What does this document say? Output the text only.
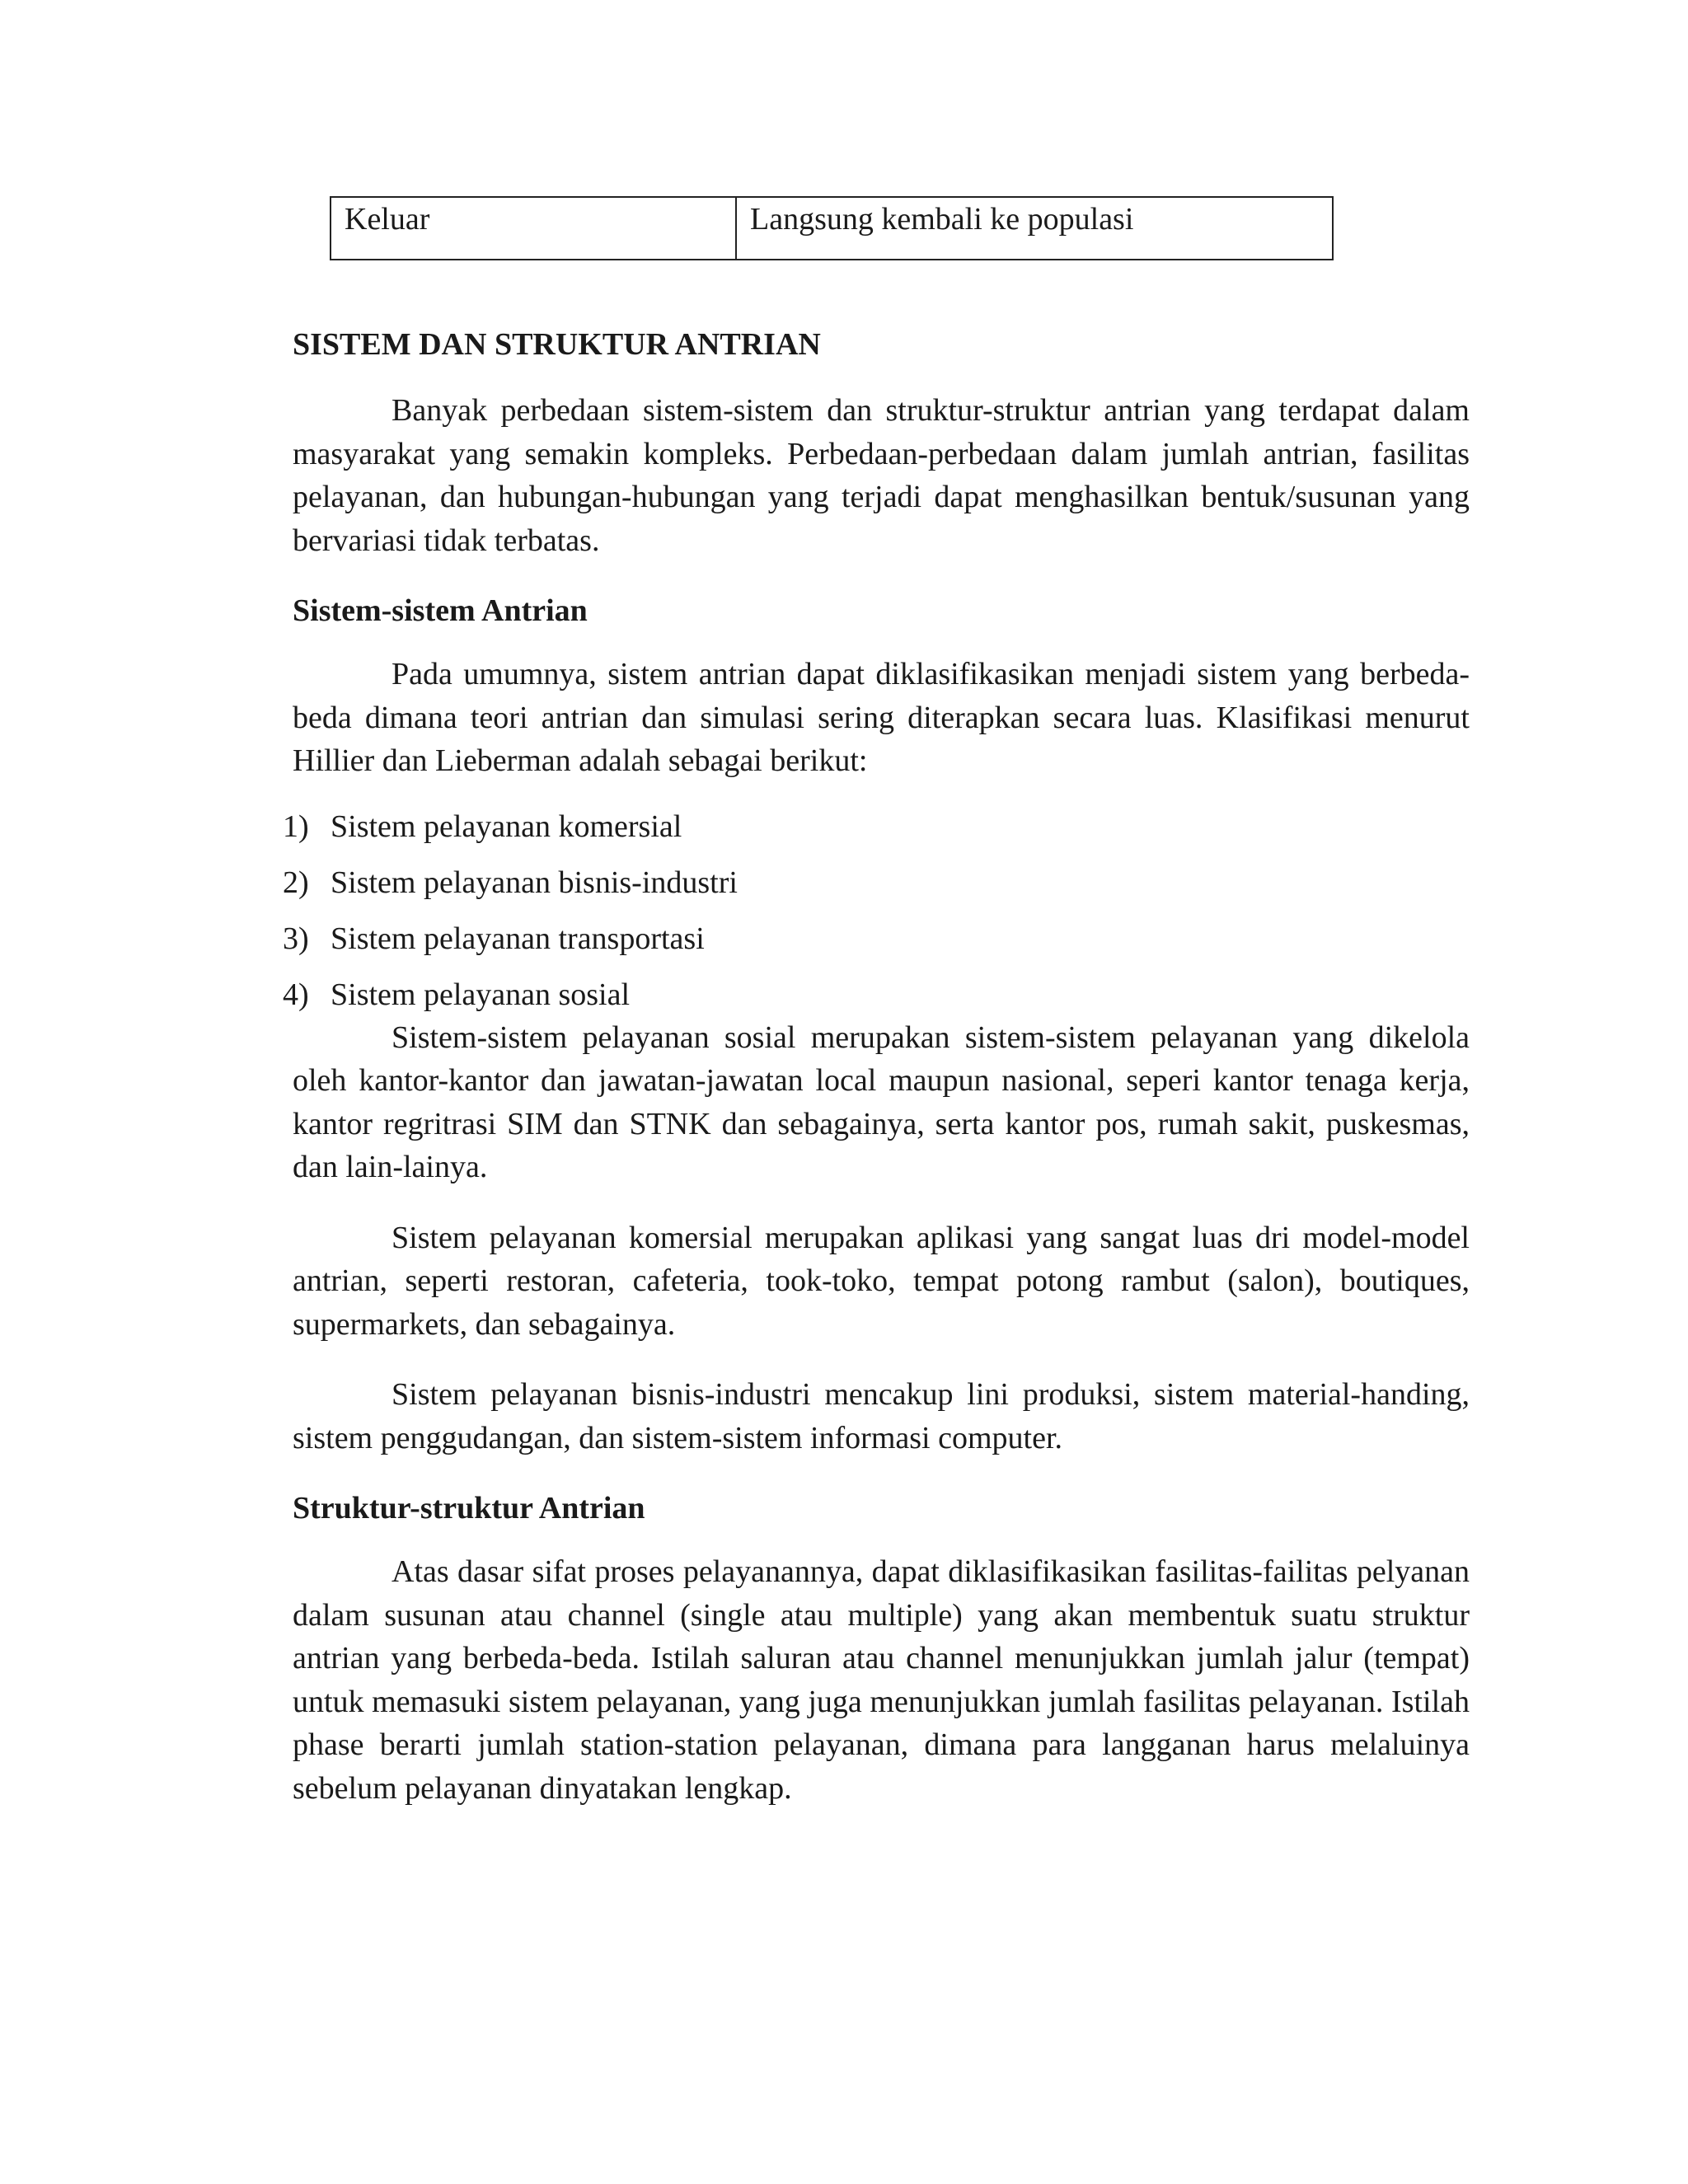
Keluar	Langsung kembali ke populasi
SISTEM DAN STRUKTUR ANTRIAN

Banyak perbedaan sistem-sistem dan struktur-struktur antrian yang terdapat dalam masyarakat yang semakin kompleks. Perbedaan-perbedaan dalam jumlah antrian, fasilitas pelayanan, dan hubungan-hubungan yang terjadi dapat menghasilkan bentuk/susunan yang bervariasi tidak terbatas.

Sistem-sistem Antrian

Pada umumnya, sistem antrian dapat diklasifikasikan menjadi sistem yang berbeda-beda dimana teori antrian dan simulasi sering diterapkan secara luas. Klasifikasi menurut Hillier dan Lieberman adalah sebagai berikut:

1) Sistem pelayanan komersial
2) Sistem pelayanan bisnis-industri
3) Sistem pelayanan transportasi
4) Sistem pelayanan sosial

Sistem-sistem pelayanan sosial merupakan sistem-sistem pelayanan yang dikelola oleh kantor-kantor dan jawatan-jawatan local maupun nasional, seperi kantor tenaga kerja, kantor regritrasi SIM dan STNK dan sebagainya, serta kantor pos, rumah sakit, puskesmas, dan lain-lainya.

Sistem pelayanan komersial merupakan aplikasi yang sangat luas dri model-model antrian, seperti restoran, cafeteria, took-toko, tempat potong rambut (salon), boutiques, supermarkets, dan sebagainya.

Sistem pelayanan bisnis-industri mencakup lini produksi, sistem material-handing, sistem penggudangan, dan sistem-sistem informasi computer.

Struktur-struktur Antrian

Atas dasar sifat proses pelayanannya, dapat diklasifikasikan fasilitas-failitas pelyanan dalam susunan atau channel (single atau multiple) yang akan membentuk suatu struktur antrian yang berbeda-beda. Istilah saluran atau channel menunjukkan jumlah jalur (tempat) untuk memasuki sistem pelayanan, yang juga menunjukkan jumlah fasilitas pelayanan. Istilah phase berarti jumlah station-station pelayanan, dimana para langganan harus melaluinya sebelum pelayanan dinyatakan lengkap.
